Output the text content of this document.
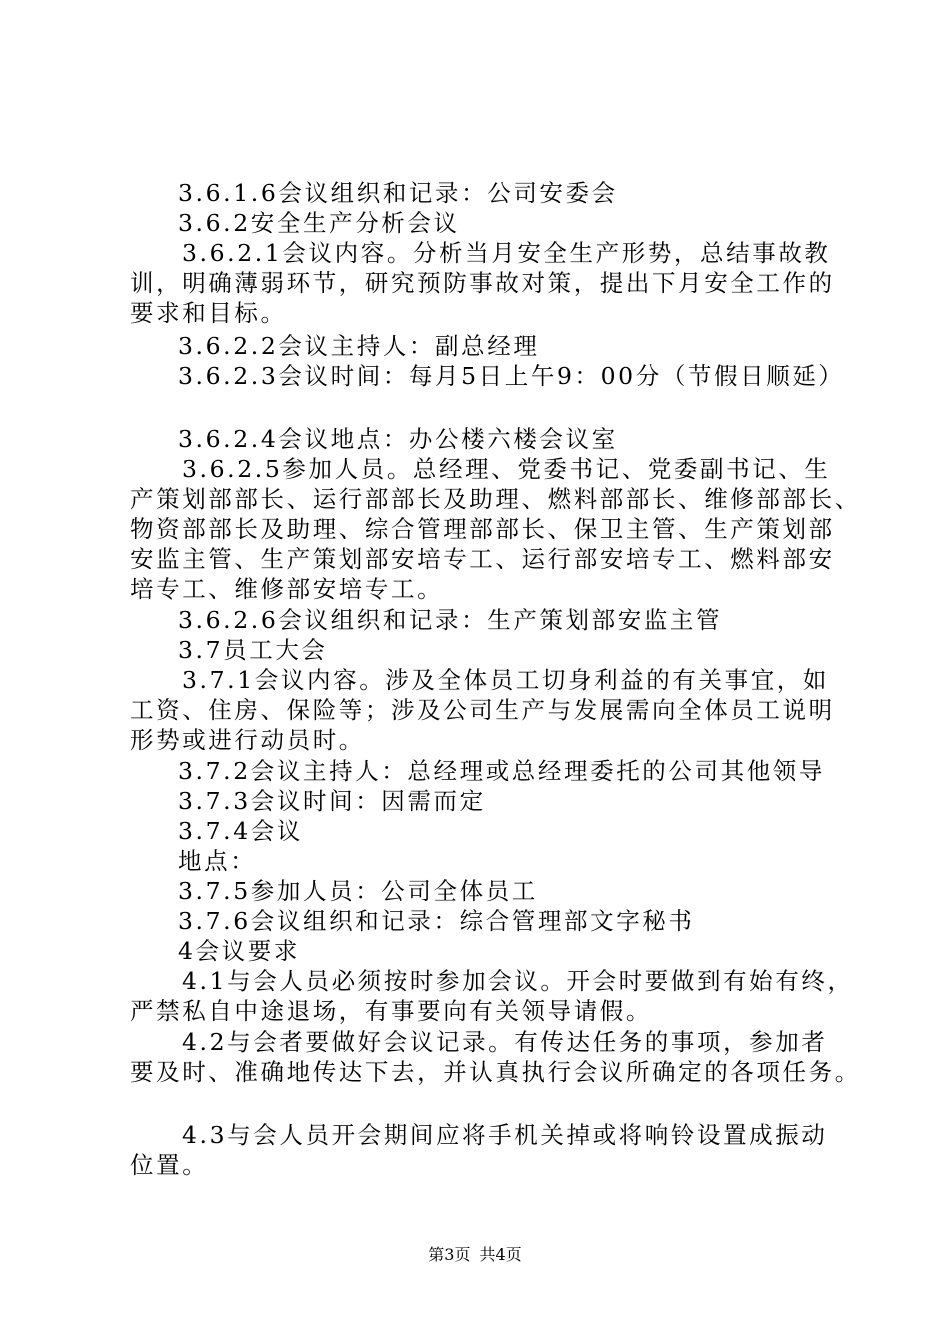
3.6.1.6会议组织和记录：公司安委会

3.6.2安全生产分析会议

3.6.2.1会议内容。分析当月安全生产形势，总结事故教

训，明确薄弱环节，研究预防事故对策，提出下月安全工作的

要求和目标。

3.6.2.2会议主持人：副总经理

3.6.2.3会议时间：每月5日上午9：00分（节假日顺延）

3.6.2.4会议地点：办公楼六楼会议室

3.6.2.5参加人员。总经理、党委书记、党委副书记、生

产策划部部长、运行部部长及助理、燃料部部长、维修部部长、

物资部部长及助理、综合管理部部长、保卫主管、生产策划部

安监主管、生产策划部安培专工、运行部安培专工、燃料部安

培专工、维修部安培专工。

3.6.2.6会议组织和记录：生产策划部安监主管

3.7员工大会

3.7.1会议内容。涉及全体员工切身利益的有关事宜，如

工资、住房、保险等；涉及公司生产与发展需向全体员工说明

形势或进行动员时。

3.7.2会议主持人：总经理或总经理委托的公司其他领导

3.7.3会议时间：因需而定

3.7.4会议

地点：

3.7.5参加人员：公司全体员工

3.7.6会议组织和记录：综合管理部文字秘书

4会议要求

4.1与会人员必须按时参加会议。开会时要做到有始有终，

严禁私自中途退场，有事要向有关领导请假。

4.2与会者要做好会议记录。有传达任务的事项，参加者

要及时、准确地传达下去，并认真执行会议所确定的各项任务。

4.3与会人员开会期间应将手机关掉或将响铃设置成振动

位置。

第3页 共4页
